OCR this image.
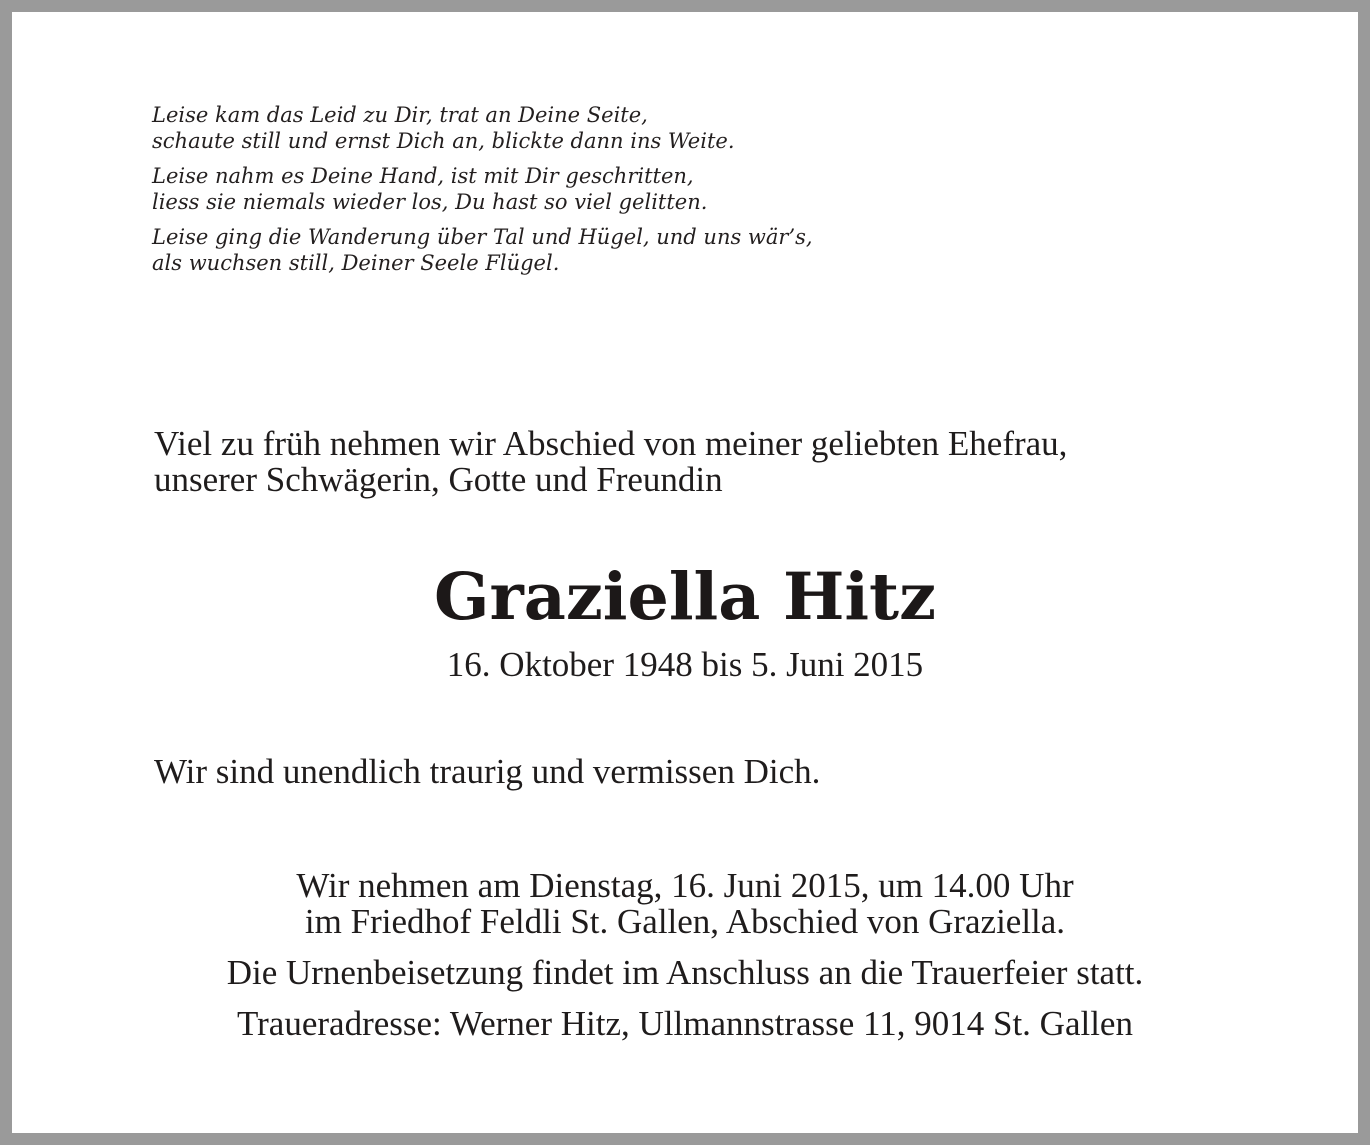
Leise kam das Leid zu Dir, trat an Deine Seite,
schaute still und ernst Dich an, blickte dann ins Weite.
Leise nahm es Deine Hand, ist mit Dir geschritten,
liess sie niemals wieder los, Du hast so viel gelitten.
Leise ging die Wanderung über Tal und Hügel, und uns wär’s,
als wuchsen still, Deiner Seele Flügel.
Viel zu früh nehmen wir Abschied von meiner geliebten Ehefrau,
unserer Schwägerin, Gotte und Freundin
Graziella Hitz
16. Oktober 1948 bis 5. Juni 2015
Wir sind unendlich traurig und vermissen Dich.
Wir nehmen am Dienstag, 16. Juni 2015, um 14.00 Uhr
im Friedhof Feldli St. Gallen, Abschied von Graziella.
Die Urnenbeisetzung findet im Anschluss an die Trauerfeier statt.
Traueradresse: Werner Hitz, Ullmannstrasse 11, 9014 St. Gallen
